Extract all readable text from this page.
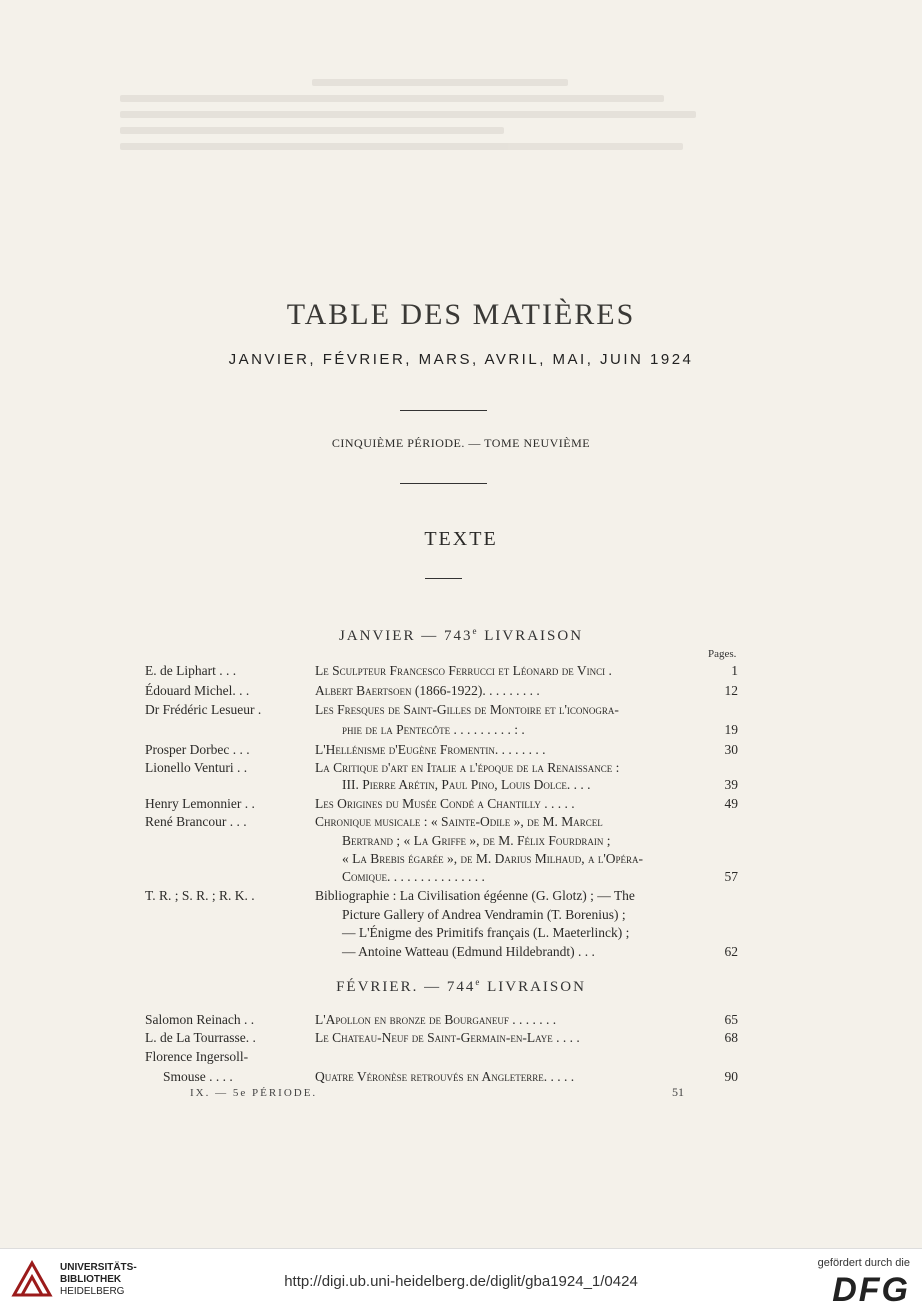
TABLE DES MATIÈRES
JANVIER, FÉVRIER, MARS, AVRIL, MAI, JUIN 1924
CINQUIÈME PÉRIODE. — TOME NEUVIÈME
TEXTE
JANVIER — 743e LIVRAISON
Pages.
E. de Liphart . . .	Le Sculpteur Francesco Ferrucci et Léonard de Vinci .	1
Édouard Michel. . .	Albert Baertsoen (1866-1922). . . . . . . . .	12
Dr Frédéric Lesueur .	Les Fresques de Saint-Gilles de Montoire et l'iconogra-
phie de la Pentecôte . . . . . . . . . : .	19
Prosper Dorbec . . .	L'Hellénisme d'Eugène Fromentin. . . . . . . .	30
Lionello Venturi . .	La Critique d'art en Italie a l'époque de la Renaissance :
III. Pierre Arétin, Paul Pino, Louis Dolce. . . .	39
Henry Lemonnier . .	Les Origines du Musée Condé a Chantilly . . . . .	49
René Brancour . . .	Chronique musicale : « Sainte-Odile », de M. Marcel
Bertrand ; « La Griffe », de M. Félix Fourdrain ;
« La Brebis égarée », de M. Darius Milhaud, a l'Opéra-
Comique. . . . . . . . . . . . . . .	57
T. R. ; S. R. ; R. K. .	Bibliographie : La Civilisation égéenne (G. Glotz) ; — The
Picture Gallery of Andrea Vendramin (T. Borenius) ;
— L'Énigme des Primitifs français (L. Maeterlinck) ;
— Antoine Watteau (Edmund Hildebrandt) . . .	62
FÉVRIER. — 744e LIVRAISON
Salomon Reinach . .	L'Apollon en bronze de Bourganeuf . . . . . . .	65
L. de La Tourrasse. .	Le Chateau-Neuf de Saint-Germain-en-Laye . . . .	68
Florence Ingersoll-
Smousе . . . .	Quatre Véronèse retrouvés en Angleterre. . . . .	90
IX. — 5e PÉRIODE.	51
UNIVERSITÄTS-
BIBLIOTHEK
HEIDELBERG
http://digi.ub.uni-heidelberg.de/diglit/gba1924_1/0424
gefördert durch die
DFG
